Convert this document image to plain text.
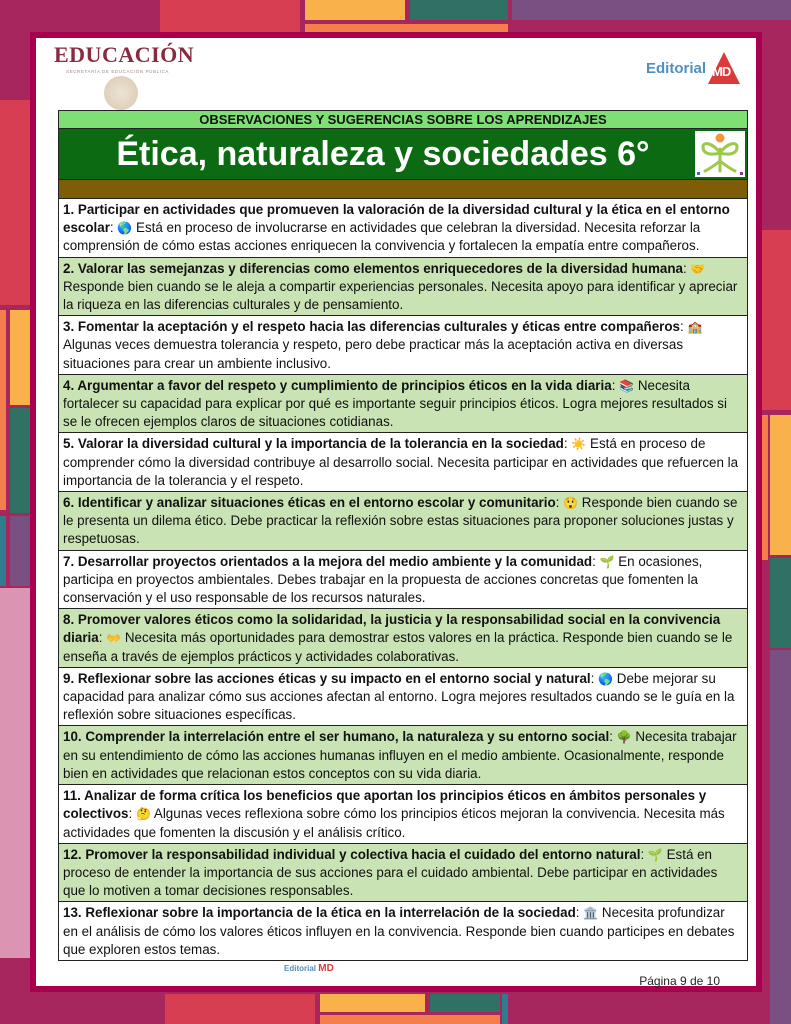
EDUCACIÓN
SECRETARÍA DE EDUCACIÓN PÚBLICA	Editorial MD
OBSERVACIONES Y SUGERENCIAS SOBRE LOS APRENDIZAJES
Ética, naturaleza y sociedades 6°
1. Participar en actividades que promueven la valoración de la diversidad cultural y la ética en el entorno escolar: 🌎 Está en proceso de involucrarse en actividades que celebran la diversidad. Necesita reforzar la comprensión de cómo estas acciones enriquecen la convivencia y fortalecen la empatía entre compañeros.
2. Valorar las semejanzas y diferencias como elementos enriquecedores de la diversidad humana: 🤝 Responde bien cuando se le aleja a compartir experiencias personales. Necesita apoyo para identificar y apreciar la riqueza en las diferencias culturales y de pensamiento.
3. Fomentar la aceptación y el respeto hacia las diferencias culturales y éticas entre compañeros: 🏫 Algunas veces demuestra tolerancia y respeto, pero debe practicar más la aceptación activa en diversas situaciones para crear un ambiente inclusivo.
4. Argumentar a favor del respeto y cumplimiento de principios éticos en la vida diaria: 📚 Necesita fortalecer su capacidad para explicar por qué es importante seguir principios éticos. Logra mejores resultados si se le ofrecen ejemplos claros de situaciones cotidianas.
5. Valorar la diversidad cultural y la importancia de la tolerancia en la sociedad: ☀️ Está en proceso de comprender cómo la diversidad contribuye al desarrollo social. Necesita participar en actividades que refuercen la importancia de la tolerancia y el respeto.
6. Identificar y analizar situaciones éticas en el entorno escolar y comunitario: 😲 Responde bien cuando se le presenta un dilema ético. Debe practicar la reflexión sobre estas situaciones para proponer soluciones justas y respetuosas.
7. Desarrollar proyectos orientados a la mejora del medio ambiente y la comunidad: 🌱 En ocasiones, participa en proyectos ambientales. Debes trabajar en la propuesta de acciones concretas que fomenten la conservación y el uso responsable de los recursos naturales.
8. Promover valores éticos como la solidaridad, la justicia y la responsabilidad social en la convivencia diaria: 👐 Necesita más oportunidades para demostrar estos valores en la práctica. Responde bien cuando se le enseña a través de ejemplos prácticos y actividades colaborativas.
9. Reflexionar sobre las acciones éticas y su impacto en el entorno social y natural: 🌎 Debe mejorar su capacidad para analizar cómo sus acciones afectan al entorno. Logra mejores resultados cuando se le guía en la reflexión sobre situaciones específicas.
10. Comprender la interrelación entre el ser humano, la naturaleza y su entorno social: 🌳 Necesita trabajar en su entendimiento de cómo las acciones humanas influyen en el medio ambiente. Ocasionalmente, responde bien en actividades que relacionan estos conceptos con su vida diaria.
11. Analizar de forma crítica los beneficios que aportan los principios éticos en ámbitos personales y colectivos: 🤔 Algunas veces reflexiona sobre cómo los principios éticos mejoran la convivencia. Necesita más actividades que fomenten la discusión y el análisis crítico.
12. Promover la responsabilidad individual y colectiva hacia el cuidado del entorno natural: 🌱 Está en proceso de entender la importancia de sus acciones para el cuidado ambiental. Debe participar en actividades que lo motiven a tomar decisiones responsables.
13. Reflexionar sobre la importancia de la ética en la interrelación de la sociedad: 🏛️ Necesita profundizar en el análisis de cómo los valores éticos influyen en la convivencia. Responde bien cuando participes en debates que exploren estos temas.
Editorial MD
Página 9 de 10
